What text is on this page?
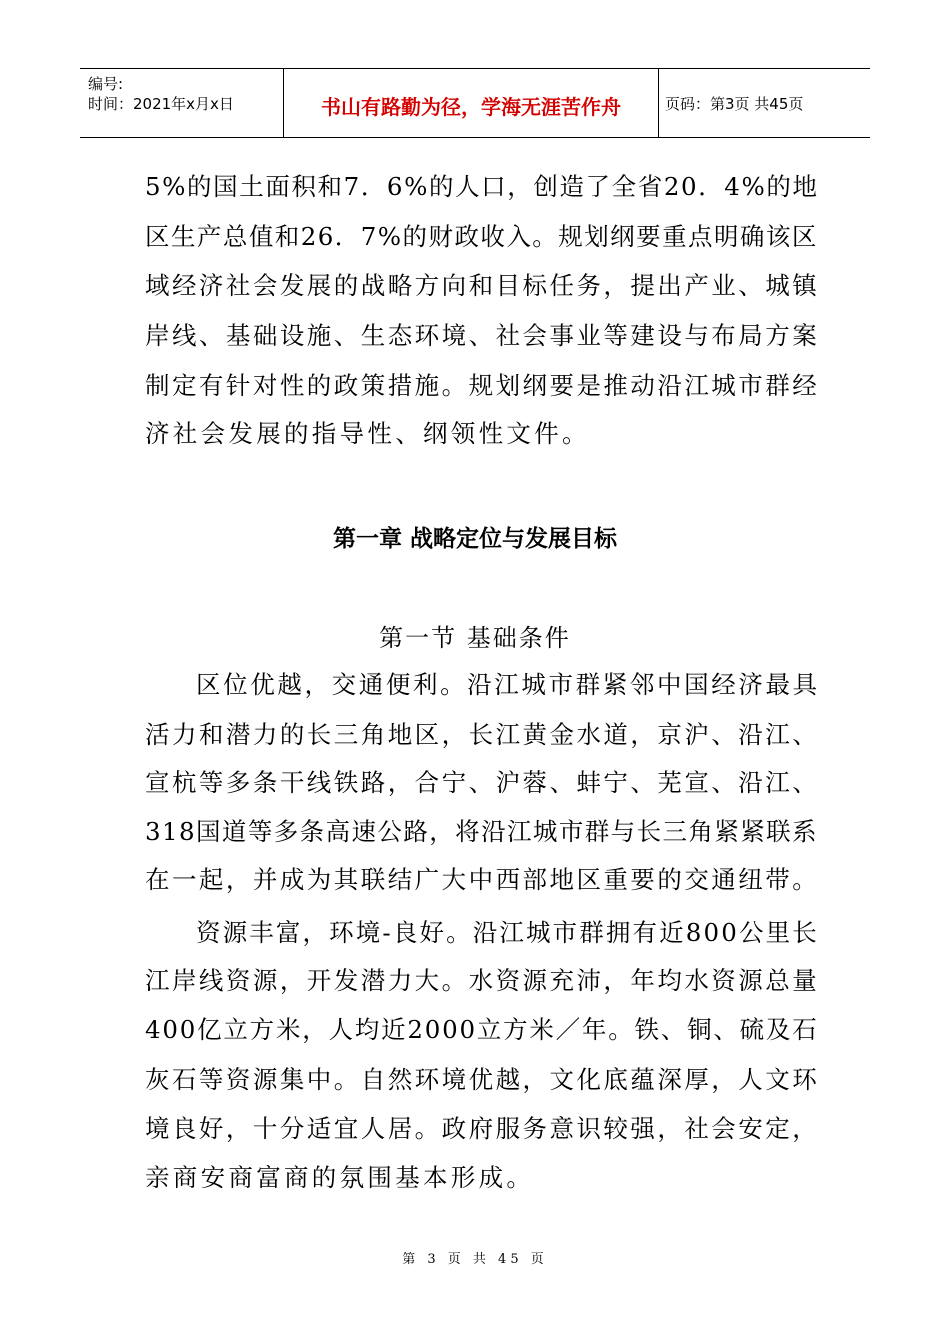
编号:
时间：2021年x月x日	书山有路勤为径，学海无涯苦作舟	页码：第3页 共45页
5%的国土面积和7．6%的人口，创造了全省20．4%的地
区生产总值和26．7%的财政收入。规划纲要重点明确该区
域经济社会发展的战略方向和目标任务，提出产业、城镇
岸线、基础设施、生态环境、社会事业等建设与布局方案
制定有针对性的政策措施。规划纲要是推动沿江城市群经
济社会发展的指导性、纲领性文件。
第一章 战略定位与发展目标
第一节 基础条件
区位优越，交通便利。沿江城市群紧邻中国经济最具
活力和潜力的长三角地区，长江黄金水道，京沪、沿江、
宣杭等多条干线铁路，合宁、沪蓉、蚌宁、芜宣、沿江、
318国道等多条高速公路，将沿江城市群与长三角紧紧联系
在一起，并成为其联结广大中西部地区重要的交通纽带。
资源丰富，环境-良好。沿江城市群拥有近800公里长
江岸线资源，开发潜力大。水资源充沛，年均水资源总量
400亿立方米，人均近2000立方米／年。铁、铜、硫及石
灰石等资源集中。自然环境优越，文化底蕴深厚，人文环
境良好，十分适宜人居。政府服务意识较强，社会安定，
亲商安商富商的氛围基本形成。
第 3 页 共 45 页
